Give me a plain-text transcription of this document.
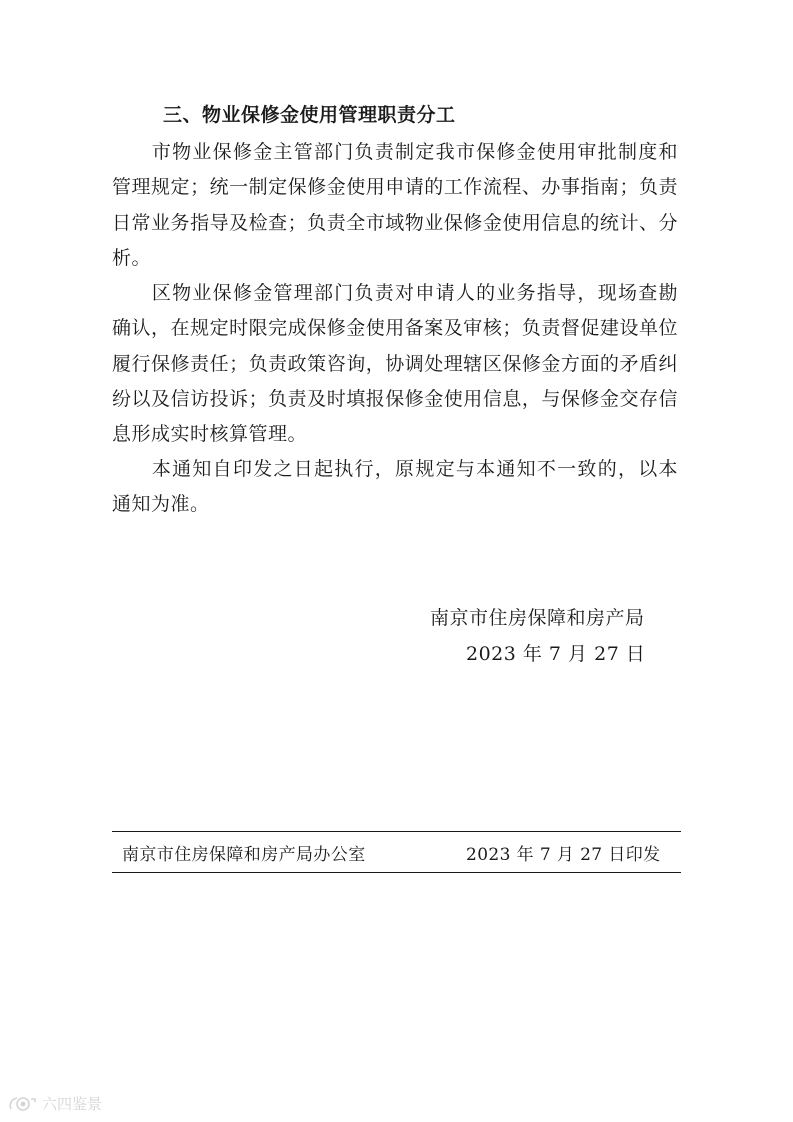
三、物业保修金使用管理职责分工

市物业保修金主管部门负责制定我市保修金使用审批制度和管理规定；统一制定保修金使用申请的工作流程、办事指南；负责日常业务指导及检查；负责全市域物业保修金使用信息的统计、分析。

区物业保修金管理部门负责对申请人的业务指导，现场查勘确认，在规定时限完成保修金使用备案及审核；负责督促建设单位履行保修责任；负责政策咨询，协调处理辖区保修金方面的矛盾纠纷以及信访投诉；负责及时填报保修金使用信息，与保修金交存信息形成实时核算管理。

本通知自印发之日起执行，原规定与本通知不一致的，以本通知为准。

南京市住房保障和房产局
2023 年 7 月 27 日
南京市住房保障和房产局办公室	2023 年 7 月 27 日印发
六四鉴景
